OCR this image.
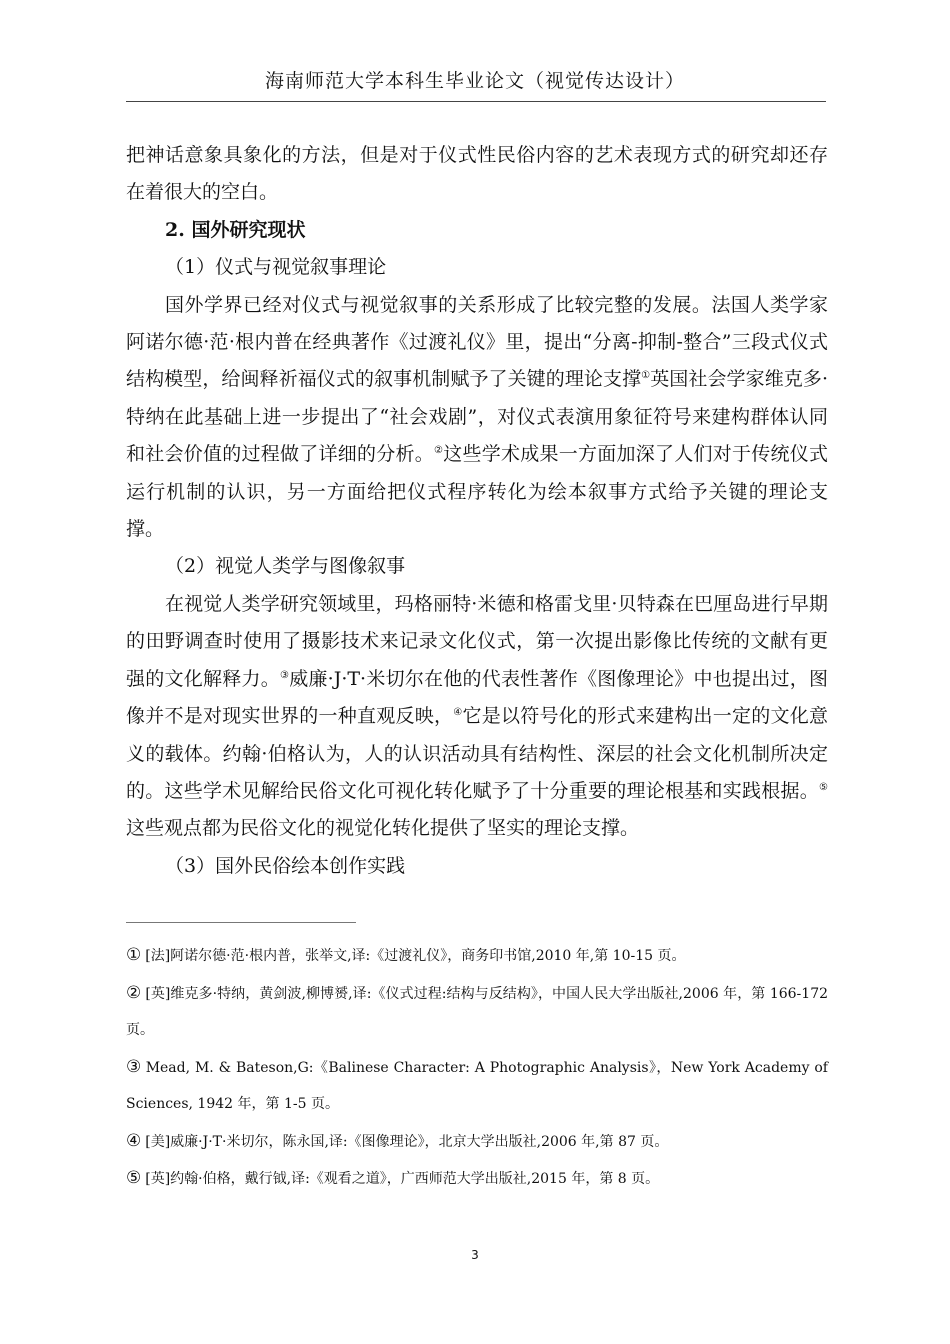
海南师范大学本科生毕业论文（视觉传达设计）

把神话意象具象化的方法，但是对于仪式性民俗内容的艺术表现方式的研究却还存在着很大的空白。

2. 国外研究现状

（1）仪式与视觉叙事理论

国外学界已经对仪式与视觉叙事的关系形成了比较完整的发展。法国人类学家阿诺尔德·范·根内普在经典著作《过渡礼仪》里，提出“分离-抑制-整合”三段式仪式结构模型，给闽释祈福仪式的叙事机制赋予了关键的理论支撑①英国社会学家维克多·特纳在此基础上进一步提出了“社会戏剧”，对仪式表演用象征符号来建构群体认同和社会价值的过程做了详细的分析。②这些学术成果一方面加深了人们对于传统仪式运行机制的认识，另一方面给把仪式程序转化为绘本叙事方式给予关键的理论支撑。

（2）视觉人类学与图像叙事

在视觉人类学研究领域里，玛格丽特·米德和格雷戈里·贝特森在巴厘岛进行早期的田野调查时使用了摄影技术来记录文化仪式，第一次提出影像比传统的文献有更强的文化解释力。③威廉·J·T·米切尔在他的代表性著作《图像理论》中也提出过，图像并不是对现实世界的一种直观反映，④它是以符号化的形式来建构出一定的文化意义的载体。约翰·伯格认为，人的认识活动具有结构性、深层的社会文化机制所决定的。这些学术见解给民俗文化可视化转化赋予了十分重要的理论根基和实践根据。⑤这些观点都为民俗文化的视觉化转化提供了坚实的理论支撑。

（3）国外民俗绘本创作实践

① [法]阿诺尔德·范·根内普，张举文,译:《过渡礼仪》，商务印书馆,2010 年,第 10-15 页。

② [英]维克多·特纳，黄剑波,柳博赟,译:《仪式过程:结构与反结构》，中国人民大学出版社,2006 年，第 166-172 页。

③ Mead, M. & Bateson,G:《Balinese Character: A Photographic Analysis》，New York Academy of Sciences, 1942 年，第 1-5 页。

④ [美]威廉·J·T·米切尔，陈永国,译:《图像理论》，北京大学出版社,2006 年,第 87 页。

⑤ [英]约翰·伯格，戴行钺,译:《观看之道》，广西师范大学出版社,2015 年，第 8 页。

3
